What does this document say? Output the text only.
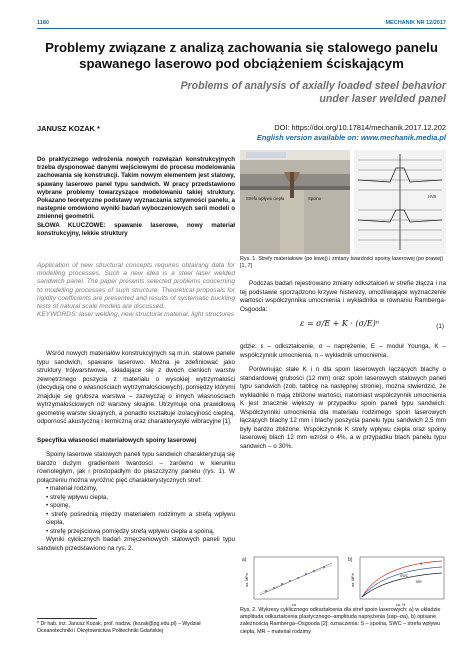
1180	MECHANIK NR 12/2017
Problemy związane z analizą zachowania się stalowego panelu spawanego laserowo pod obciążeniem ściskającym
Problems of analysis of axially loaded steel behavior under laser welded panel
JANUSZ KOZAK *	DOI: https://doi.org/10.17814/mechanik.2017.12.202
English version available on: www.mechanik.media.pl
Do praktycznego wdrożenia nowych rozwiązań konstrukcyjnych trzeba dysponować danymi wejściowymi do procesu modelowania zachowania się konstrukcji. Takim nowym elementem jest stalowy, spawany laserowo panel typu sandwich. W pracy przedstawiono wybrane problemy towarzyszące modelowaniu takiej struktury. Pokazano teoretyczne podstawy wyznaczania sztywności panelu, a następnie omówiono wyniki badań wyboczeniowych serii modeli o zmiennej geometrii.
SŁOWA KLUCZOWE: spawanie laserowe, nowy materiał konstrukcyjny, lekkie struktury
Application of new structural concepts requires obtaining data for modelling processes. Such a new idea is a steel laser welded sandwich panel. The paper presents selected problems concerning to modelling processes of such structure. Theoretical proposals for rigidity coefficients are presented and results of systematic buckling tests of natural scale models are discussed.
KEYWORDS: laser welding, new structural material, light structures

Wśród nowych materiałów konstrukcyjnych są m.in. stalowe panele typu sandwich, spawane laserowo. Można je zdefiniować jako struktury trójwarstwowe, składające się z dwóch cienkich warstw zewnętrznego poszycia z materiału o wysokiej wytrzymałości (decydują one o własnościach wytrzymałościowych), pomiędzy którymi znajduje się grubsza warstwa – zazwyczaj o innych własnościach wytrzymałościowych niż warstwy skrajne. Utrzymuje ona prawidłową geometrię warstw skrajnych, a ponadto kształtuje izolacyjność cieplną, odporność akustyczną i termiczną oraz charakterystyki wibracyjne [1].

Specyfika własności materiałowych spoiny laserowej

Spoiny laserowe stalowych paneli typu sandwich charakteryzują się bardzo dużym gradientem twardości – zarówno w kierunku równoległym, jak i prostopadłym do płaszczyzny panelu (rys. 1). W połączeniu można wyróżnić pięć charakterystycznych stref:

• materiał rodzimy,
• strefę wpływu ciepła,
• spoinę,
• strefę pośrednią między materiałem rodzimym a strefą wpływu ciepła,
• strefę przejściową pomiędzy strefą wpływu ciepła a spoiną.

Wyniki cyklicznych badań zmęczeniowych stalowych paneli typu sandwich przedstawiono na rys. 2.

* Dr hab. inż. Janusz Kozak, prof. nadzw. (kozak@pg.edu.pl) – Wydział Oceanotechniki i Okrętownictwa Politechniki Gdańskiej
Strefa wpływu ciepła	Spoina	HV5
Rys. 1. Strefy materiałowe (po lewej) i zmiany twardości spoiny laserowej (po prawej) [1, 7]

Podczas badań rejestrowano zmiany odkształceń w strefie złącza i na tej podstawie sporządzono krzywe histerezy, umożliwiające wyznaczenie wartości współczynnika umocnienia i wykładnika w równaniu Ramberga-Osgooda:

ε = σ/E + K · (σ/E)ⁿ	(1)

gdzie: ε – odkształcenie, σ – naprężenie, E – moduł Younga, K – współczynnik umocnienia, n – wykładnik umocnienia.

Porównując stałe K i n dla spoin laserowych łączących blachy o standardowej grubości (12 mm) oraz spoin laserowych stalowych paneli typu sandwich (zob. tablicę na następnej stronie), można stwierdzić, że wykładniki n mają zbliżone wartości, natomiast współczynnik umocnienia K jest znacznie większy w przypadku spoin paneli typu sandwich. Współczynniki umocnienia dla materiału rodzimego spoin laserowych łączących blachy 12 mm i blachy poszycia panelu typu sandwich 2,5 mm były bardzo zbliżone. Współczynnik K strefy wpływu ciepła oraz spoiny laserowej blach 12 mm wzrósł o 4%, a w przypadku blach panelu typu sandwich – o 30%.

a)
σa, MPa
εa
b)
σa, MPa
εa, %
S
SWC
MR
Rys. 2. Wykresy cyklicznego odkształcenia dla stref spoin laserowych: a) w układzie amplituda odkształcenia plastycznego–amplituda naprężenia (εap–σa), b) opisane zależnością Ramberga–Osgooda [2]; oznaczenia: S – spoina, SWC – strefa wpływu ciepła, MR – materiał rodzimy
